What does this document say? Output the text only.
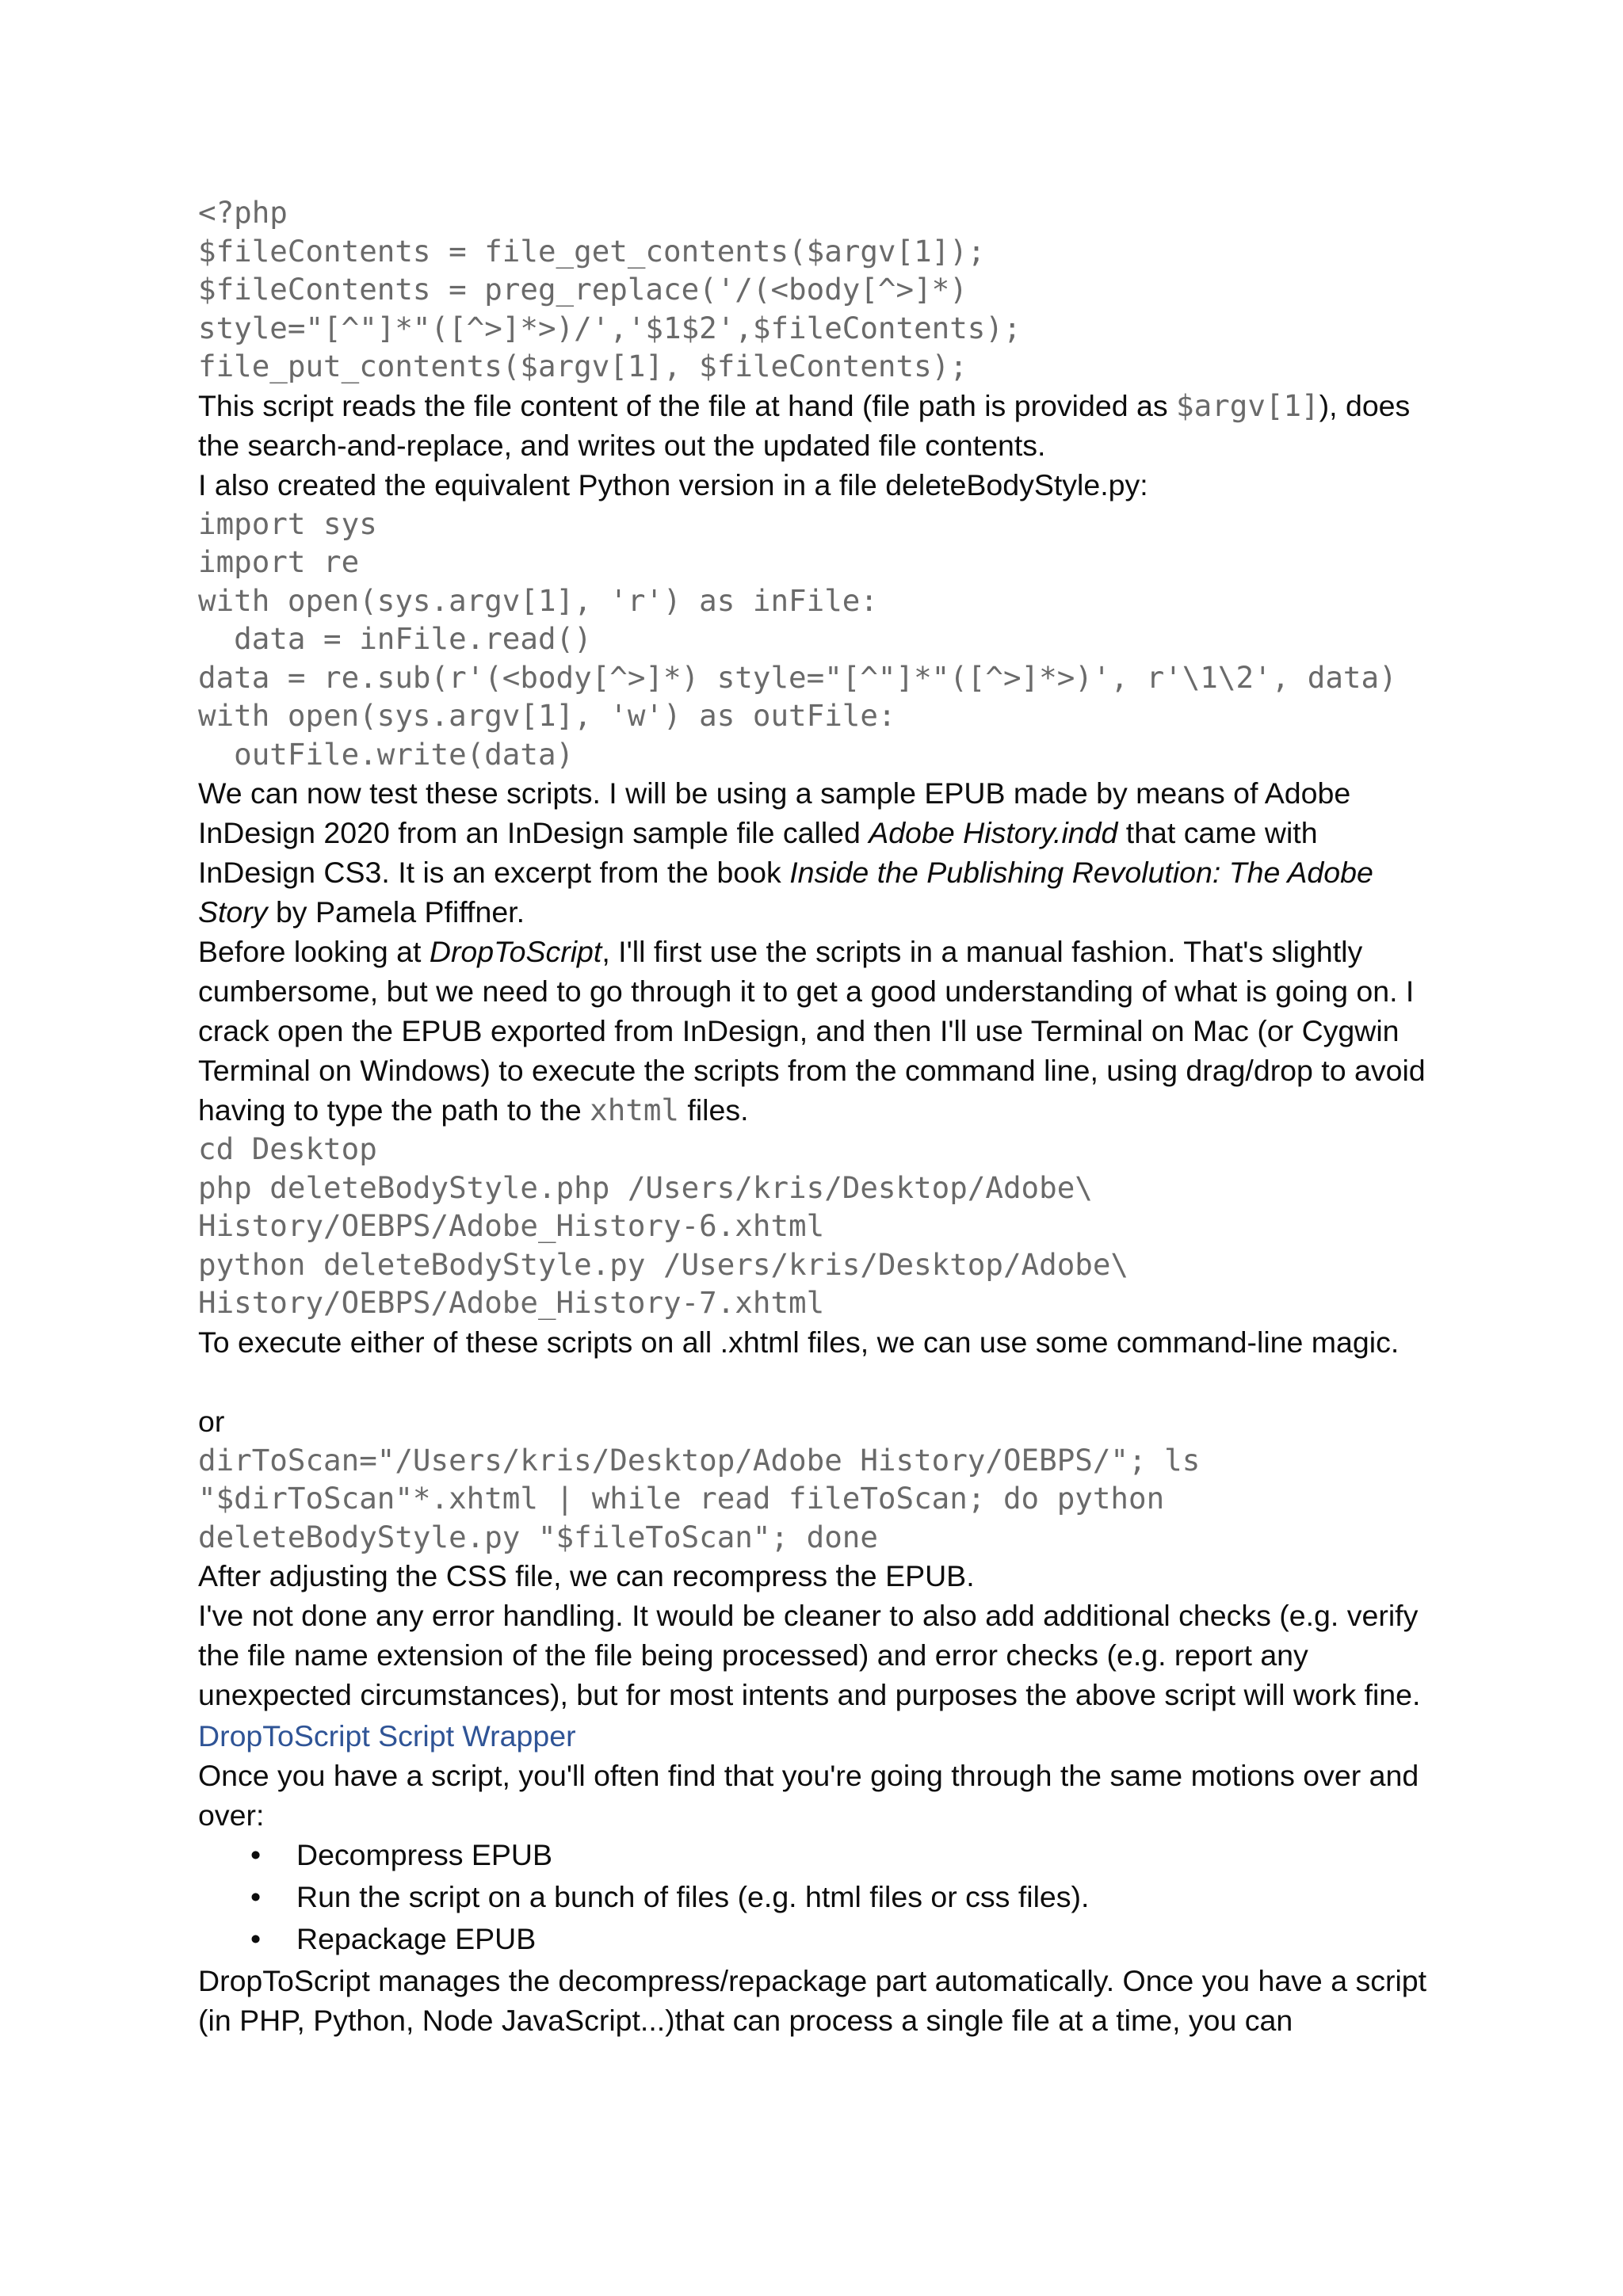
<?php
$fileContents = file_get_contents($argv[1]);
$fileContents = preg_replace('/(<body[^>]*)
style="[^"]*"([^>]*>)/','$1$2',$fileContents);
file_put_contents($argv[1], $fileContents);

This script reads the file content of the file at hand (file path is provided as $argv[1]), does the search-and-replace, and writes out the updated file contents.

I also created the equivalent Python version in a file deleteBodyStyle.py:

import sys
import re
with open(sys.argv[1], 'r') as inFile:
data = inFile.read()
data = re.sub(r'(<body[^>]*) style="[^"]*"([^>]*>)', r'\1\2', data)
with open(sys.argv[1], 'w') as outFile:
outFile.write(data)

We can now test these scripts. I will be using a sample EPUB made by means of Adobe InDesign 2020 from an InDesign sample file called Adobe History.indd that came with InDesign CS3. It is an excerpt from the book Inside the Publishing Revolution: The Adobe Story by Pamela Pfiffner.

Before looking at DropToScript, I'll first use the scripts in a manual fashion. That's slightly cumbersome, but we need to go through it to get a good understanding of what is going on. I crack open the EPUB exported from InDesign, and then I'll use Terminal on Mac (or Cygwin Terminal on Windows) to execute the scripts from the command line, using drag/drop to avoid having to type the path to the xhtml files.

cd Desktop
php deleteBodyStyle.php /Users/kris/Desktop/Adobe\
History/OEBPS/Adobe_History-6.xhtml
python deleteBodyStyle.py /Users/kris/Desktop/Adobe\
History/OEBPS/Adobe_History-7.xhtml

To execute either of these scripts on all .xhtml files, we can use some command-line magic.

or

dirToScan="/Users/kris/Desktop/Adobe History/OEBPS/"; ls
"$dirToScan"*.xhtml | while read fileToScan; do python
deleteBodyStyle.py "$fileToScan"; done

After adjusting the CSS file, we can recompress the EPUB.

I've not done any error handling. It would be cleaner to also add additional checks (e.g. verify the file name extension of the file being processed) and error checks (e.g. report any unexpected circumstances), but for most intents and purposes the above script will work fine.

DropToScript Script Wrapper

Once you have a script, you'll often find that you're going through the same motions over and over:

• Decompress EPUB
• Run the script on a bunch of files (e.g. html files or css files).
• Repackage EPUB

DropToScript manages the decompress/repackage part automatically. Once you have a script (in PHP, Python, Node JavaScript...)that can process a single file at a time, you can
